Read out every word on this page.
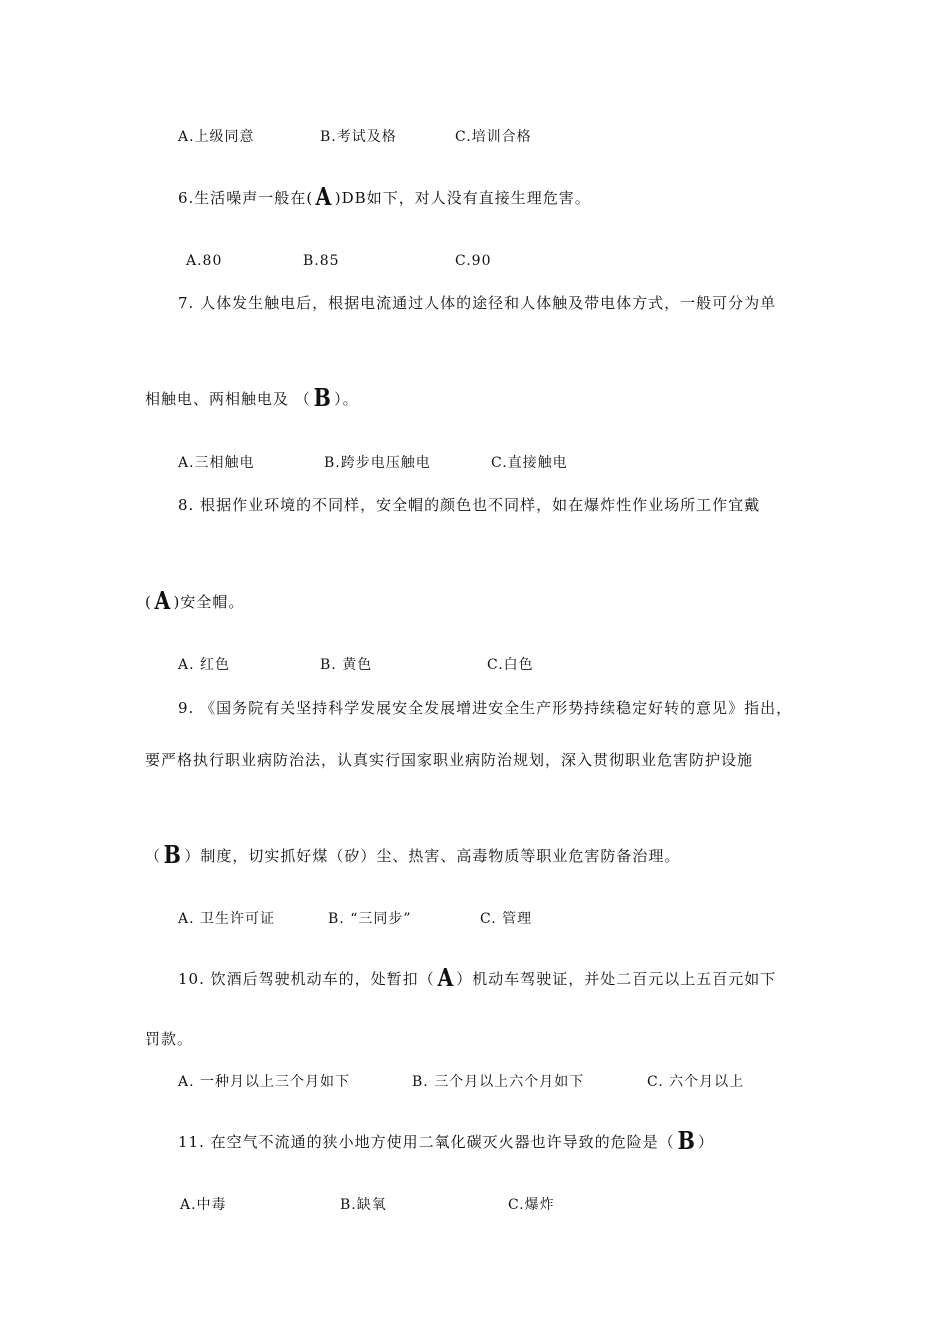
A.上级同意	B.考试及格	C.培训合格
6.生活噪声一般在( A )DB如下，对人没有直接生理危害。
A.80	B.85	C.90
7. 人体发生触电后，根据电流通过人体的途径和人体触及带电体方式，一般可分为单
相触电、两相触电及 （ B ）。
A.三相触电	B.跨步电压触电	C.直接触电
8. 根据作业环境的不同样，安全帽的颜色也不同样，如在爆炸性作业场所工作宜戴
( A )安全帽。
A. 红色	B. 黄色	C.白色
9. 《国务院有关坚持科学发展安全发展增进安全生产形势持续稳定好转的意见》指出，
要严格执行职业病防治法，认真实行国家职业病防治规划，深入贯彻职业危害防护设施
（ B ）制度，切实抓好煤（矽）尘、热害、高毒物质等职业危害防备治理。
A. 卫生许可证	B. “三同步”	C. 管理
10. 饮酒后驾驶机动车的，处暂扣（ A ）机动车驾驶证，并处二百元以上五百元如下
罚款。
A. 一种月以上三个月如下	B. 三个月以上六个月如下	C. 六个月以上
11. 在空气不流通的狭小地方使用二氧化碳灭火器也许导致的危险是（ B ）
A.中毒	B.缺氧	C.爆炸
